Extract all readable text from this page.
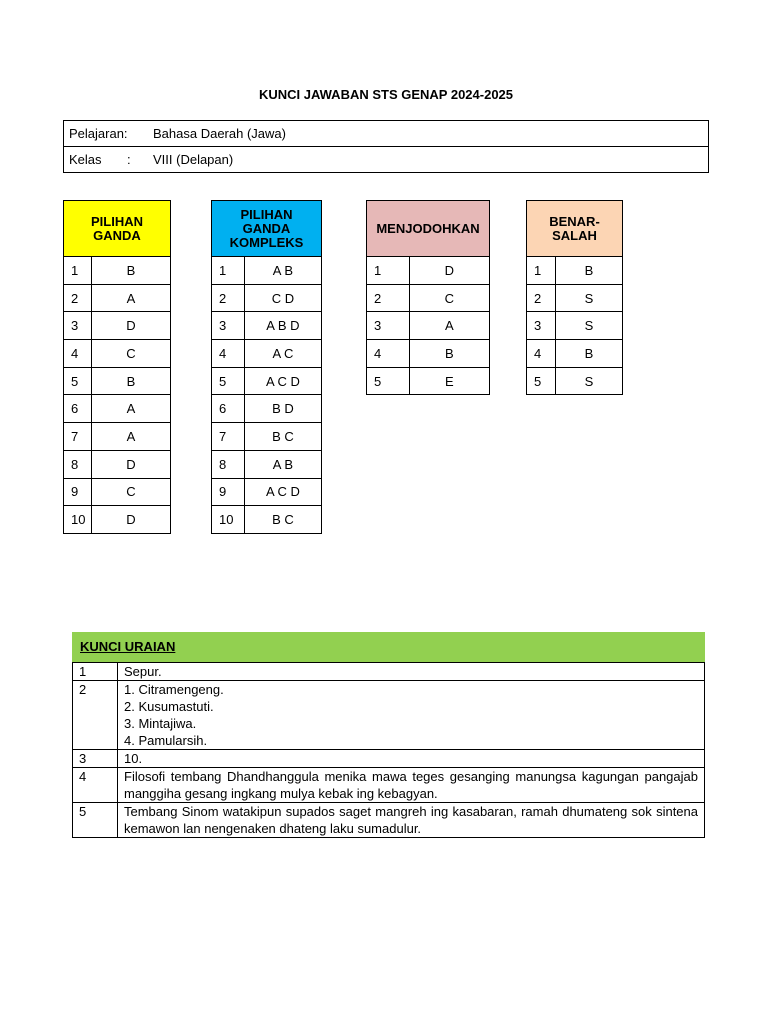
KUNCI JAWABAN STS GENAP 2024-2025
Pelajaran: Bahasa Daerah (Jawa)
Kelas : VIII (Delapan)
PILIHAN GANDA	
1	B
2	A
3	D
4	C
5	B
6	A
7	A
8	D
9	C
10	D
PILIHAN GANDA KOMPLEKS	
1	A B
2	C D
3	A B D
4	A C
5	A C D
6	B D
7	B C
8	A B
9	A C D
10	B C
MENJODOHKAN	
1	D
2	C
3	A
4	B
5	E
BENAR-SALAH	
1	B
2	S
3	S
4	B
5	S
KUNCI URAIAN
1	Sepur.

2	1. Citramengeng.
2. Kusumastuti.
3. Mintajiwa.
4. Pamularsih.

3	10.

4	Filosofi tembang Dhandhanggula menika mawa teges gesanging manungsa kagungan pangajab manggiha gesang ingkang mulya kebak ing kebagyan.

5	Tembang Sinom watakipun supados saget mangreh ing kasabaran, ramah dhumateng sok sintena kemawon lan nengenaken dhateng laku sumadulur.
